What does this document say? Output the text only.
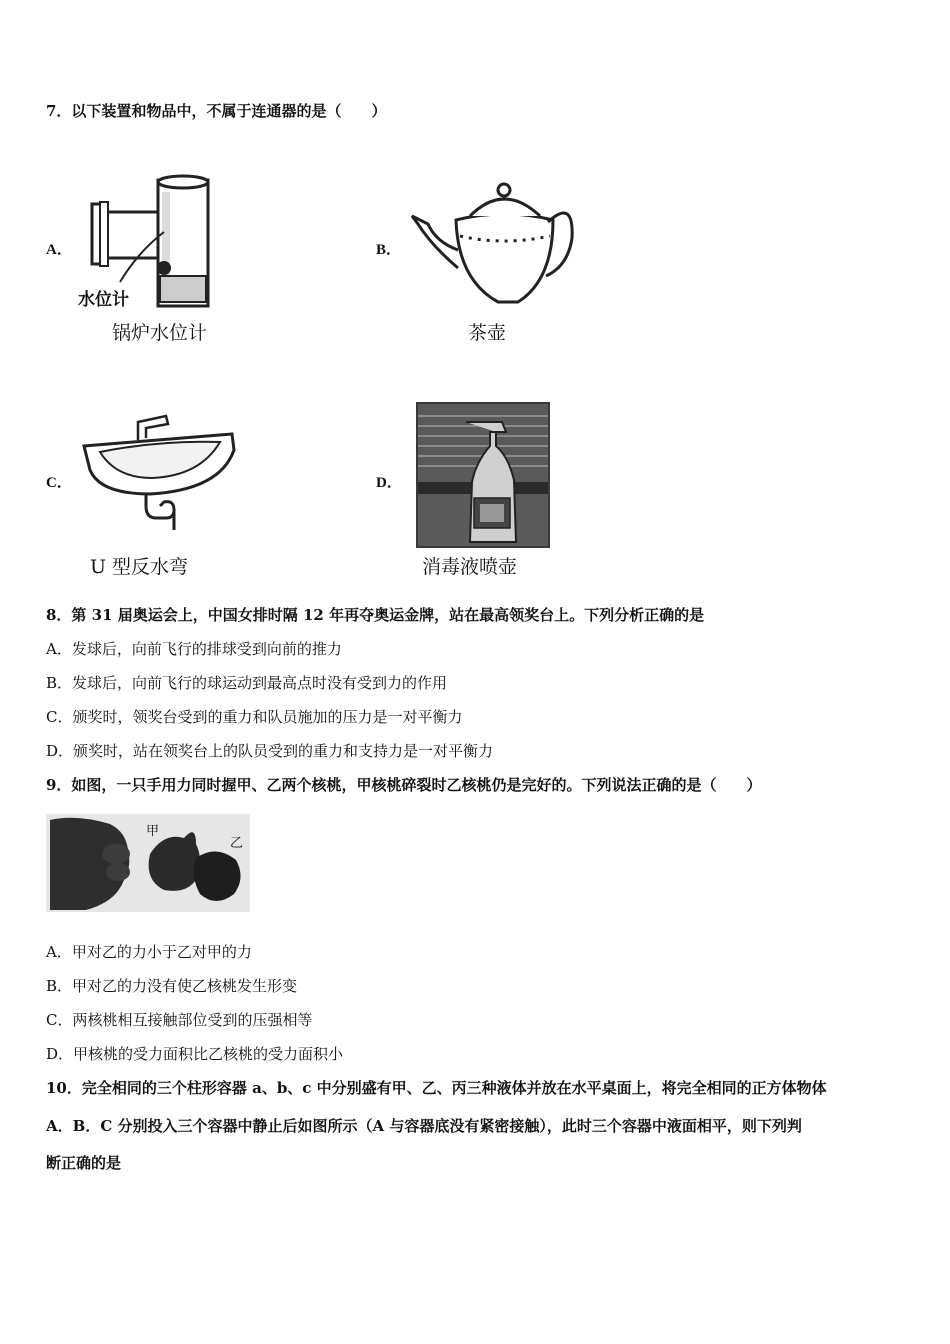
7．以下装置和物品中，不属于连通器的是（　　）
A．
水位计
锅炉水位计
B．
茶壶
C．
U 型反水弯
D．
消毒液喷壶
8．第 31 届奥运会上，中国女排时隔 12 年再夺奥运金牌，站在最高领奖台上。下列分析正确的是
A．发球后，向前飞行的排球受到向前的推力
B．发球后，向前飞行的球运动到最高点时没有受到力的作用
C．颁奖时，领奖台受到的重力和队员施加的压力是一对平衡力
D．颁奖时，站在领奖台上的队员受到的重力和支持力是一对平衡力
9．如图，一只手用力同时握甲、乙两个核桃，甲核桃碎裂时乙核桃仍是完好的。下列说法正确的是（　　）
甲
乙
A．甲对乙的力小于乙对甲的力
B．甲对乙的力没有使乙核桃发生形变
C．两核桃相互接触部位受到的压强相等
D．甲核桃的受力面积比乙核桃的受力面积小
10．完全相同的三个柱形容器 a、b、c 中分别盛有甲、乙、丙三种液体并放在水平桌面上，将完全相同的正方体物体
A．B．C 分别投入三个容器中静止后如图所示（A 与容器底没有紧密接触），此时三个容器中液面相平，则下列判
断正确的是
